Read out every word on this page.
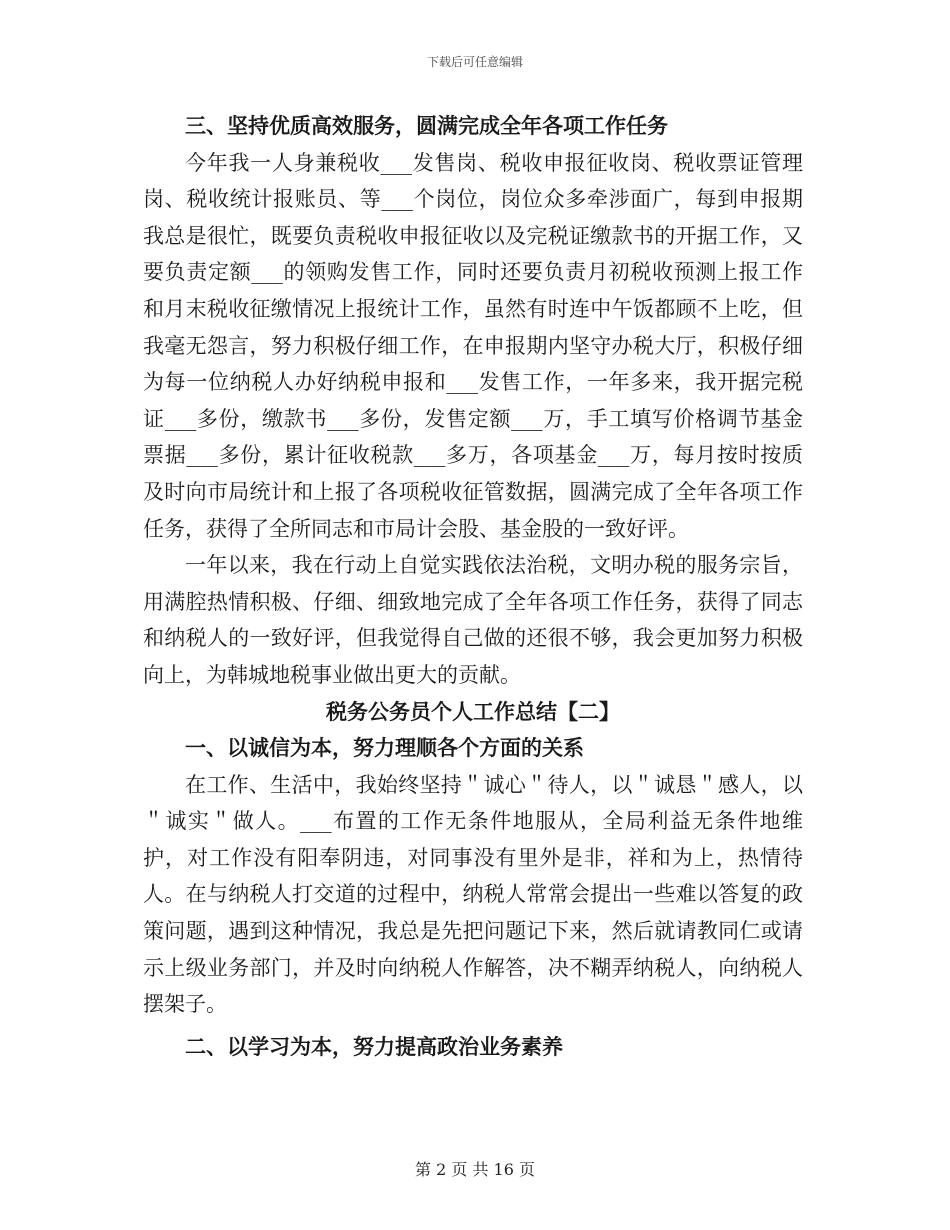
下载后可任意编辑

三、坚持优质高效服务，圆满完成全年各项工作任务

今年我一人身兼税收___发售岗、税收申报征收岗、税收票证管理岗、税收统计报账员、等___个岗位，岗位众多牵涉面广，每到申报期我总是很忙，既要负责税收申报征收以及完税证缴款书的开据工作，又要负责定额___的领购发售工作，同时还要负责月初税收预测上报工作和月末税收征缴情况上报统计工作，虽然有时连中午饭都顾不上吃，但我毫无怨言，努力积极仔细工作，在申报期内坚守办税大厅，积极仔细为每一位纳税人办好纳税申报和___发售工作，一年多来，我开据完税证___多份，缴款书___多份，发售定额___万，手工填写价格调节基金票据___多份，累计征收税款___多万，各项基金___万，每月按时按质及时向市局统计和上报了各项税收征管数据，圆满完成了全年各项工作任务，获得了全所同志和市局计会股、基金股的一致好评。

一年以来，我在行动上自觉实践依法治税，文明办税的服务宗旨，用满腔热情积极、仔细、细致地完成了全年各项工作任务，获得了同志和纳税人的一致好评，但我觉得自己做的还很不够，我会更加努力积极向上，为韩城地税事业做出更大的贡献。

税务公务员个人工作总结【二】

一、以诚信为本，努力理顺各个方面的关系

在工作、生活中，我始终坚持＂诚心＂待人，以＂诚恳＂感人，以＂诚实＂做人。___布置的工作无条件地服从，全局利益无条件地维护，对工作没有阳奉阴违，对同事没有里外是非，祥和为上，热情待人。在与纳税人打交道的过程中，纳税人常常会提出一些难以答复的政策问题，遇到这种情况，我总是先把问题记下来，然后就请教同仁或请示上级业务部门，并及时向纳税人作解答，决不糊弄纳税人，向纳税人摆架子。

二、以学习为本，努力提高政治业务素养

第 2 页 共 16 页
